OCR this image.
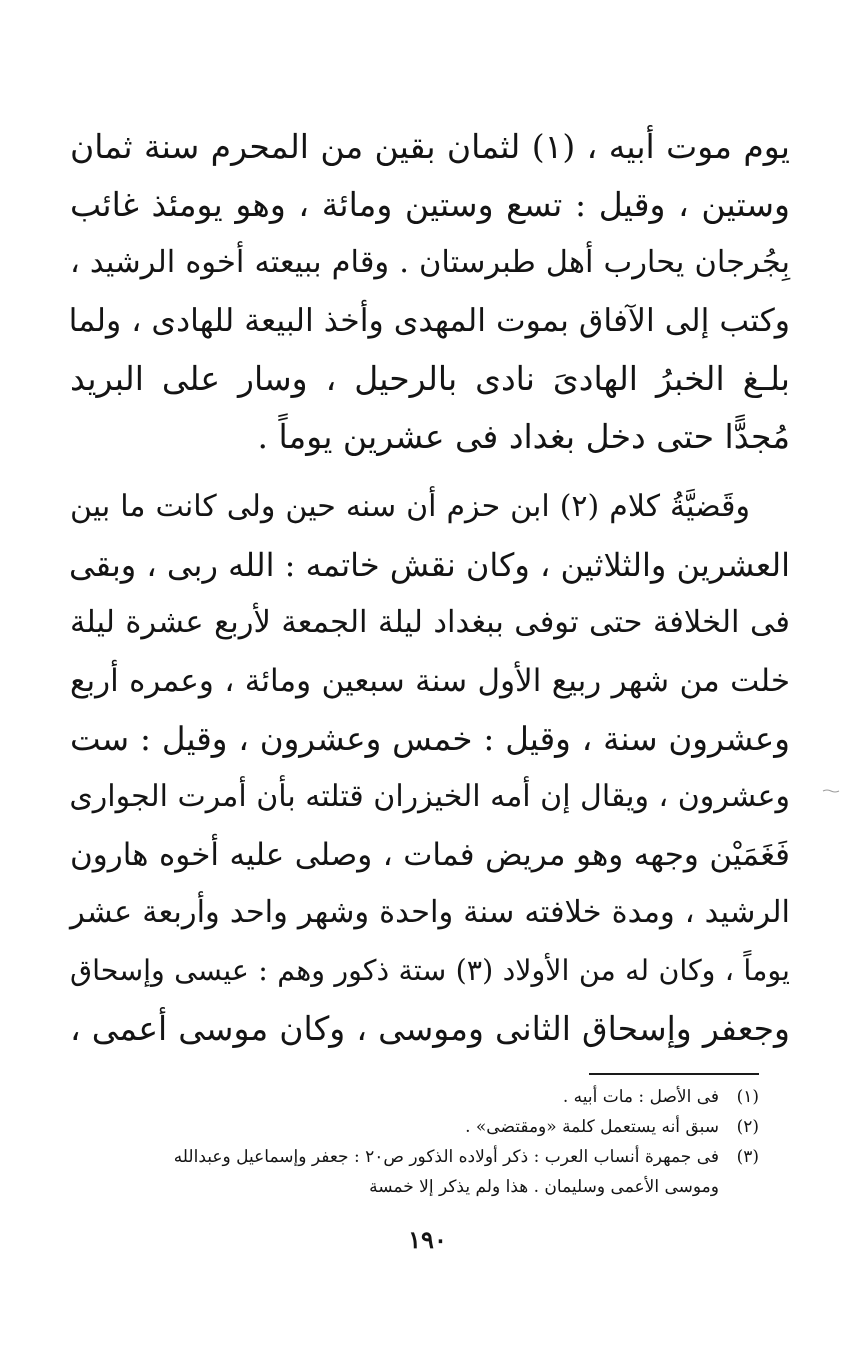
يوم موت أبيه ، (١) لثمان بقين من المحرم سنة ثمان
وستين ، وقيل : تسع وستين ومائة ، وهو يومئذ غائب
بِجُرجان يحارب أهل طبرستان . وقام ببيعته أخوه الرشيد ،
وكتب إلى الآفاق بموت المهدى وأخذ البيعة للهادى ، ولما
بلـغ الخبرُ الهادىَ نادى بالرحيل ، وسار على البريد
مُجدًّا حتى دخل بغداد فى عشرين يوماً .
وقَضيَّةُ كلام (٢) ابن حزم أن سنه حين ولى كانت ما بين
العشرين والثلاثين ، وكان نقش خاتمه : الله ربى ، وبقى
فى الخلافة حتى توفى ببغداد ليلة الجمعة لأربع عشرة ليلة
خلت من شهر ربيع الأول سنة سبعين ومائة ، وعمره أربع
وعشرون سنة ، وقيل : خمس وعشرون ، وقيل : ست
وعشرون ، ويقال إن أمه الخيزران قتلته بأن أمرت الجوارى
فَغَمَيْن وجهه وهو مريض فمات ، وصلى عليه أخوه هارون
الرشيد ، ومدة خلافته سنة واحدة وشهر واحد وأربعة عشر
يوماً ، وكان له من الأولاد (٣) ستة ذكور وهم : عيسى وإسحاق
وجعفر وإسحاق الثانى وموسى ، وكان موسى أعمى ،
(١)
فى الأصل : مات أبيه .
(٢)
سبق أنه يستعمل كلمة «ومقتضى» .
(٣)
فى جمهرة أنساب العرب : ذكر أولاده الذكور ص٢٠ : جعفر وإسماعيل وعبدالله
وموسى الأعمى وسليمان . هذا ولم يذكر إلا خمسة
١٩٠
